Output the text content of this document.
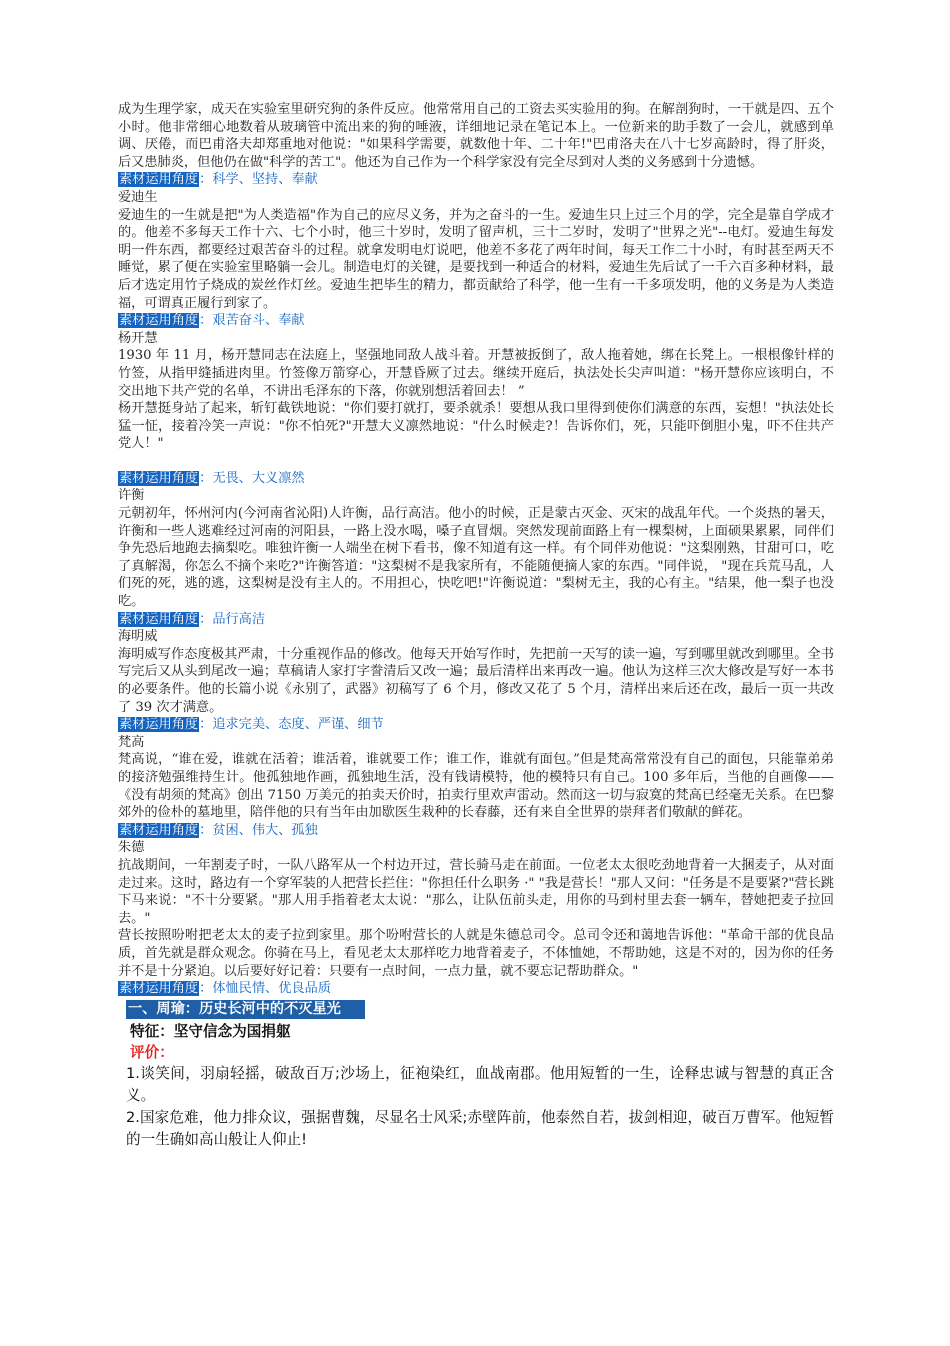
成为生理学家，成天在实验室里研究狗的条件反应。他常常用自己的工资去买实验用的狗。在解剖狗时，一干就是四、五个小时。他非常细心地数着从玻璃管中流出来的狗的唾液，详细地记录在笔记本上。一位新来的助手数了一会儿，就感到单调、厌倦，而巴甫洛夫却郑重地对他说："如果科学需要，就数他十年、二十年!"巴甫洛夫在八十七岁高龄时，得了肝炎，后又患肺炎，但他仍在做"科学的苦工"。他还为自己作为一个科学家没有完全尽到对人类的义务感到十分遗憾。

素材运用角度：科学、坚持、奉献

爱迪生

爱迪生的一生就是把"为人类造福"作为自己的应尽义务，并为之奋斗的一生。爱迪生只上过三个月的学，完全是靠自学成才的。他差不多每天工作十六、七个小时，他三十岁时，发明了留声机，三十二岁时，发明了"世界之光"--电灯。爱迪生每发明一件东西，都要经过艰苦奋斗的过程。就拿发明电灯说吧，他差不多花了两年时间，每天工作二十小时，有时甚至两天不睡觉，累了便在实验室里略躺一会儿。制造电灯的关键，是要找到一种适合的材料，爱迪生先后试了一千六百多种材料，最后才选定用竹子烧成的炭丝作灯丝。爱迪生把毕生的精力，都贡献给了科学，他一生有一千多项发明，他的义务是为人类造福，可谓真正履行到家了。

素材运用角度：艰苦奋斗、奉献

杨开慧

1930 年 11 月，杨开慧同志在法庭上，坚强地同敌人战斗着。开慧被扳倒了，敌人拖着她，绑在长凳上。一根根像针样的竹签，从指甲缝插进肉里。竹签像万箭穿心，开慧昏厥了过去。继续开庭后，执法处长尖声叫道："杨开慧你应该明白，不交出地下共产党的名单，不讲出毛泽东的下落，你就别想活着回去！ ”

杨开慧挺身站了起来，斩钉截铁地说："你们要打就打，要杀就杀！要想从我口里得到使你们满意的东西，妄想！"执法处长猛一怔，接着冷笑一声说："你不怕死?"开慧大义凛然地说："什么时候走?！告诉你们，死，只能吓倒胆小鬼，吓不住共产党人！"

素材运用角度：无畏、大义凛然

许衡

元朝初年，怀州河内(今河南省沁阳)人许衡，品行高洁。他小的时候，正是蒙古灭金、灭宋的战乱年代。一个炎热的暑天，许衡和一些人逃难经过河南的河阳县，一路上没水喝，嗓子直冒烟。突然发现前面路上有一棵梨树，上面硕果累累，同伴们争先恐后地跑去摘梨吃。唯独许衡一人端坐在树下看书，像不知道有这一样。有个同伴劝他说："这梨刚熟，甘甜可口，吃了真解渴，你怎么不摘个来吃?"许衡答道："这梨树不是我家所有，不能随便摘人家的东西。"同伴说， "现在兵荒马乱，人们死的死，逃的逃，这梨树是没有主人的。不用担心，快吃吧!"许衡说道："梨树无主，我的心有主。"结果，他一梨子也没吃。

素材运用角度：品行高洁

海明威

海明威写作态度极其严肃，十分重视作品的修改。他每天开始写作时，先把前一天写的读一遍，写到哪里就改到哪里。全书写完后又从头到尾改一遍；草稿请人家打字誊清后又改一遍；最后清样出来再改一遍。他认为这样三次大修改是写好一本书的必要条件。他的长篇小说《永别了，武器》初稿写了 6 个月，修改又花了 5 个月，清样出来后还在改，最后一页一共改了 39 次才满意。

素材运用角度：追求完美、态度、严谨、细节

梵高

梵高说，“谁在爱，谁就在活着；谁活着，谁就要工作；谁工作，谁就有面包。”但是梵高常常没有自己的面包，只能靠弟弟的接济勉强维持生计。他孤独地作画，孤独地生活，没有钱请模特，他的模特只有自己。100 多年后，当他的自画像——《没有胡须的梵高》创出 7150 万美元的拍卖天价时，拍卖行里欢声雷动。然而这一切与寂寞的梵高已经毫无关系。在巴黎郊外的俭朴的墓地里，陪伴他的只有当年由加歇医生栽种的长春藤，还有来自全世界的崇拜者们敬献的鲜花。

素材运用角度：贫困、伟大、孤独

朱德

抗战期间，一年割麦子时，一队八路军从一个村边开过，营长骑马走在前面。一位老太太很吃劲地背着一大捆麦子，从对面走过来。这时，路边有一个穿军装的人把营长拦住："你担任什么职务 ·" "我是营长！"那人又问："任务是不是要紧?"营长跳下马来说："不十分要紧。"那人用手指着老太太说："那么，让队伍前头走，用你的马到村里去套一辆车，替她把麦子拉回去。"

营长按照吩咐把老太太的麦子拉到家里。那个吩咐营长的人就是朱德总司令。总司令还和蔼地告诉他："革命干部的优良品质，首先就是群众观念。你骑在马上，看见老太太那样吃力地背着麦子，不体恤她，不帮助她，这是不对的，因为你的任务并不是十分紧迫。以后要好好记着：只要有一点时间，一点力量，就不要忘记帮助群众。"

素材运用角度：体恤民情、优良品质

一、周瑜：历史长河中的不灭星光

特征：坚守信念为国捐躯

评价：

1.谈笑间，羽扇轻摇，破敌百万;沙场上，征袍染红，血战南郡。他用短暂的一生，诠释忠诚与智慧的真正含义。

2.国家危难，他力排众议，强据曹魏，尽显名士风采;赤壁阵前，他泰然自若，拔剑相迎，破百万曹军。他短暂的一生确如高山般让人仰止!
